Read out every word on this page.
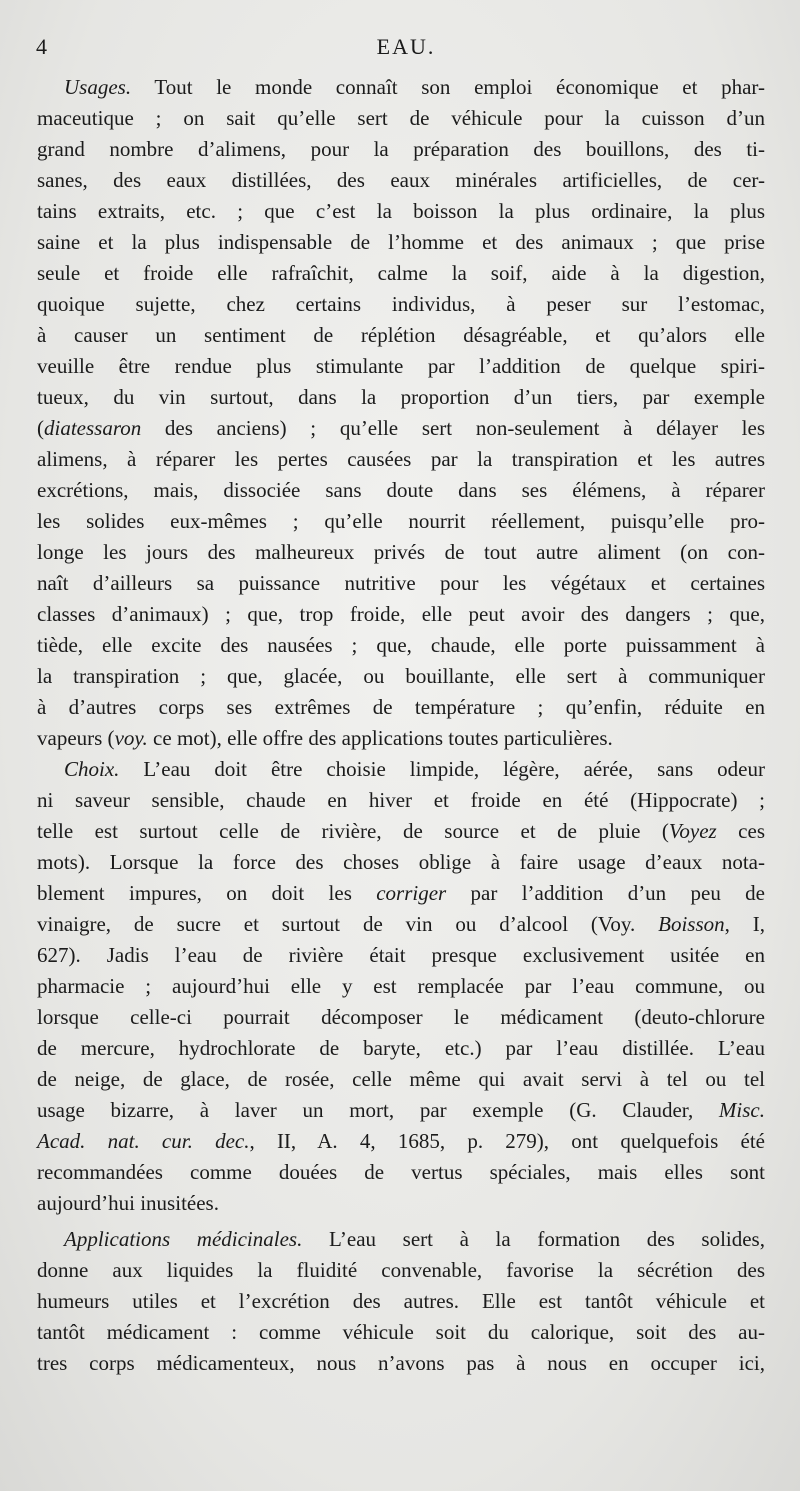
4	EAU.
Usages. Tout le monde connaît son emploi économique et phar-
maceutique ; on sait qu’elle sert de véhicule pour la cuisson d’un
grand nombre d’alimens, pour la préparation des bouillons, des ti-
sanes, des eaux distillées, des eaux minérales artificielles, de cer-
tains extraits, etc. ; que c’est la boisson la plus ordinaire, la plus
saine et la plus indispensable de l’homme et des animaux ; que prise
seule et froide elle rafraîchit, calme la soif, aide à la digestion,
quoique sujette, chez certains individus, à peser sur l’estomac,
à causer un sentiment de réplétion désagréable, et qu’alors elle
veuille être rendue plus stimulante par l’addition de quelque spiri-
tueux, du vin surtout, dans la proportion d’un tiers, par exemple
(diatessaron des anciens) ; qu’elle sert non-seulement à délayer les
alimens, à réparer les pertes causées par la transpiration et les autres
excrétions, mais, dissociée sans doute dans ses élémens, à réparer
les solides eux-mêmes ; qu’elle nourrit réellement, puisqu’elle pro-
longe les jours des malheureux privés de tout autre aliment (on con-
naît d’ailleurs sa puissance nutritive pour les végétaux et certaines
classes d’animaux) ; que, trop froide, elle peut avoir des dangers ; que,
tiède, elle excite des nausées ; que, chaude, elle porte puissamment à
la transpiration ; que, glacée, ou bouillante, elle sert à communiquer
à d’autres corps ses extrêmes de température ; qu’enfin, réduite en
vapeurs (voy. ce mot), elle offre des applications toutes particulières.
Choix. L’eau doit être choisie limpide, légère, aérée, sans odeur
ni saveur sensible, chaude en hiver et froide en été (Hippocrate) ;
telle est surtout celle de rivière, de source et de pluie (Voyez ces
mots). Lorsque la force des choses oblige à faire usage d’eaux nota-
blement impures, on doit les corriger par l’addition d’un peu de
vinaigre, de sucre et surtout de vin ou d’alcool (Voy. Boisson, I,
627). Jadis l’eau de rivière était presque exclusivement usitée en
pharmacie ; aujourd’hui elle y est remplacée par l’eau commune, ou
lorsque celle-ci pourrait décomposer le médicament (deuto-chlorure
de mercure, hydrochlorate de baryte, etc.) par l’eau distillée. L’eau
de neige, de glace, de rosée, celle même qui avait servi à tel ou tel
usage bizarre, à laver un mort, par exemple (G. Clauder, Misc.
Acad. nat. cur. dec., II, A. 4, 1685, p. 279), ont quelquefois été
recommandées comme douées de vertus spéciales, mais elles sont
aujourd’hui inusitées.
Applications médicinales. L’eau sert à la formation des solides,
donne aux liquides la fluidité convenable, favorise la sécrétion des
humeurs utiles et l’excrétion des autres. Elle est tantôt véhicule et
tantôt médicament : comme véhicule soit du calorique, soit des au-
tres corps médicamenteux, nous n’avons pas à nous en occuper ici,
